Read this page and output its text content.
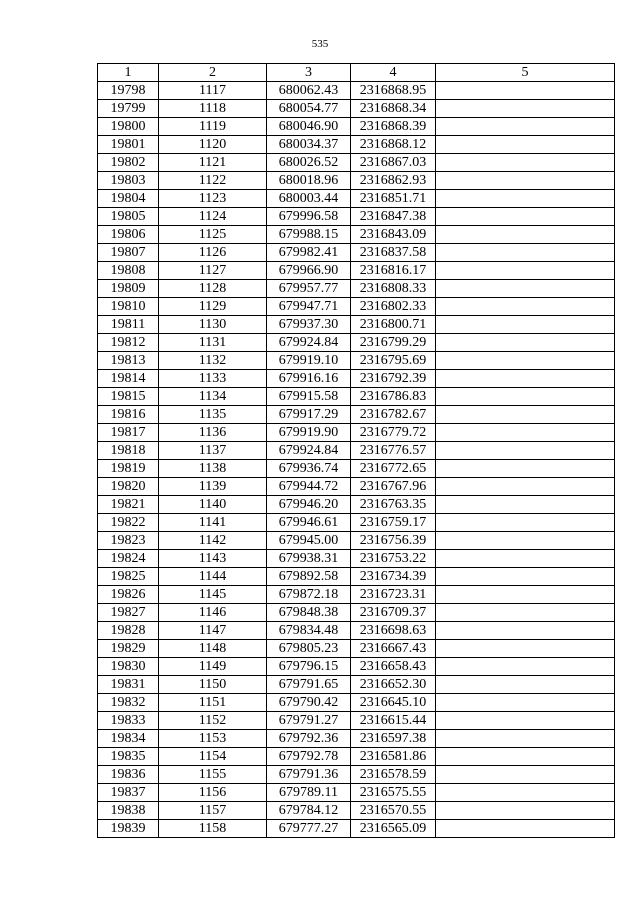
535
1	2	3	4	5
19798	1117	680062.43	2316868.95	
19799	1118	680054.77	2316868.34	
19800	1119	680046.90	2316868.39	
19801	1120	680034.37	2316868.12	
19802	1121	680026.52	2316867.03	
19803	1122	680018.96	2316862.93	
19804	1123	680003.44	2316851.71	
19805	1124	679996.58	2316847.38	
19806	1125	679988.15	2316843.09	
19807	1126	679982.41	2316837.58	
19808	1127	679966.90	2316816.17	
19809	1128	679957.77	2316808.33	
19810	1129	679947.71	2316802.33	
19811	1130	679937.30	2316800.71	
19812	1131	679924.84	2316799.29	
19813	1132	679919.10	2316795.69	
19814	1133	679916.16	2316792.39	
19815	1134	679915.58	2316786.83	
19816	1135	679917.29	2316782.67	
19817	1136	679919.90	2316779.72	
19818	1137	679924.84	2316776.57	
19819	1138	679936.74	2316772.65	
19820	1139	679944.72	2316767.96	
19821	1140	679946.20	2316763.35	
19822	1141	679946.61	2316759.17	
19823	1142	679945.00	2316756.39	
19824	1143	679938.31	2316753.22	
19825	1144	679892.58	2316734.39	
19826	1145	679872.18	2316723.31	
19827	1146	679848.38	2316709.37	
19828	1147	679834.48	2316698.63	
19829	1148	679805.23	2316667.43	
19830	1149	679796.15	2316658.43	
19831	1150	679791.65	2316652.30	
19832	1151	679790.42	2316645.10	
19833	1152	679791.27	2316615.44	
19834	1153	679792.36	2316597.38	
19835	1154	679792.78	2316581.86	
19836	1155	679791.36	2316578.59	
19837	1156	679789.11	2316575.55	
19838	1157	679784.12	2316570.55	
19839	1158	679777.27	2316565.09	
